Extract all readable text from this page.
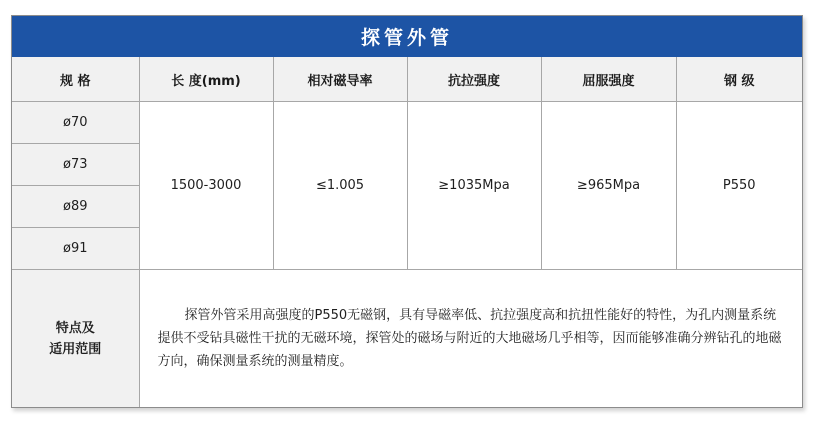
探管外管
规 格	长 度(mm)	相对磁导率	抗拉强度	屈服强度	钢 级
ø70	1500-3000	≤1.005	≥1035Mpa	≥965Mpa	P550
ø73					
ø89					
ø91					
特点及
适用范围	探管外管采用高强度的P550无磁钢，具有导磁率低、抗拉强度高和抗扭性能好的特性，为孔内测量系统提供不受钻具磁性干扰的无磁环境，探管处的磁场与附近的大地磁场几乎相等，因而能够准确分辨钻孔的地磁方向，确保测量系统的测量精度。				
